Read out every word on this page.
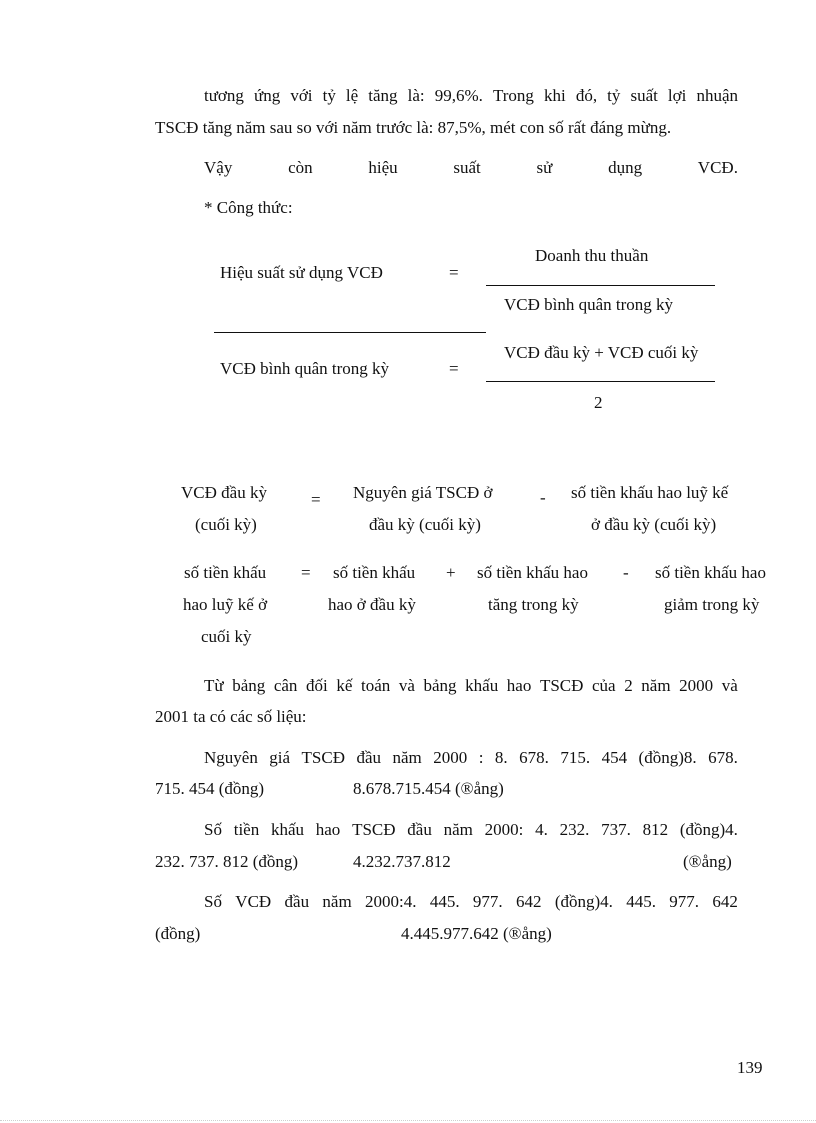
tương ứng với tỷ lệ tăng là: 99,6%. Trong khi đó, tỷ suất lợi nhuận
TSCĐ tăng năm sau so với năm trước là: 87,5%, mét con số rất đáng mừng.
Vậy	còn	hiệu	suất	sử	dụng	VCĐ.
* Công thức:
Hiệu suất sử dụng VCĐ	=
Doanh thu thuần
VCĐ bình quân trong kỳ
VCĐ bình quân trong kỳ	=
VCĐ đầu kỳ + VCĐ cuối kỳ
2
VCĐ đầu kỳ
(cuối kỳ)
= Nguyên giá TSCĐ ở
đầu kỳ (cuối kỳ)
- số tiền khấu hao luỹ kế
ở đầu kỳ (cuối kỳ)
số tiền khấu
hao luỹ kế ở
cuối kỳ
= số tiền khấu
hao ở đầu kỳ
+ số tiền khấu hao
tăng trong kỳ
- số tiền khấu hao
giảm trong kỳ
Từ bảng cân đối kế toán và bảng khấu hao TSCĐ của 2 năm 2000 và
2001 ta có các số liệu:
Nguyên giá TSCĐ đầu năm 2000 : 8. 678. 715. 454 (đồng)8. 678.
715. 454 (đồng)	8.678.715.454 (®ång)
Số tiền khấu hao TSCĐ đầu năm 2000: 4. 232. 737. 812 (đồng)4.
232. 737. 812 (đồng)	4.232.737.812	(®ång)
Số VCĐ đầu năm 2000:4. 445. 977. 642 (đồng)4. 445. 977. 642
(đồng)	4.445.977.642 (®ång)
139
